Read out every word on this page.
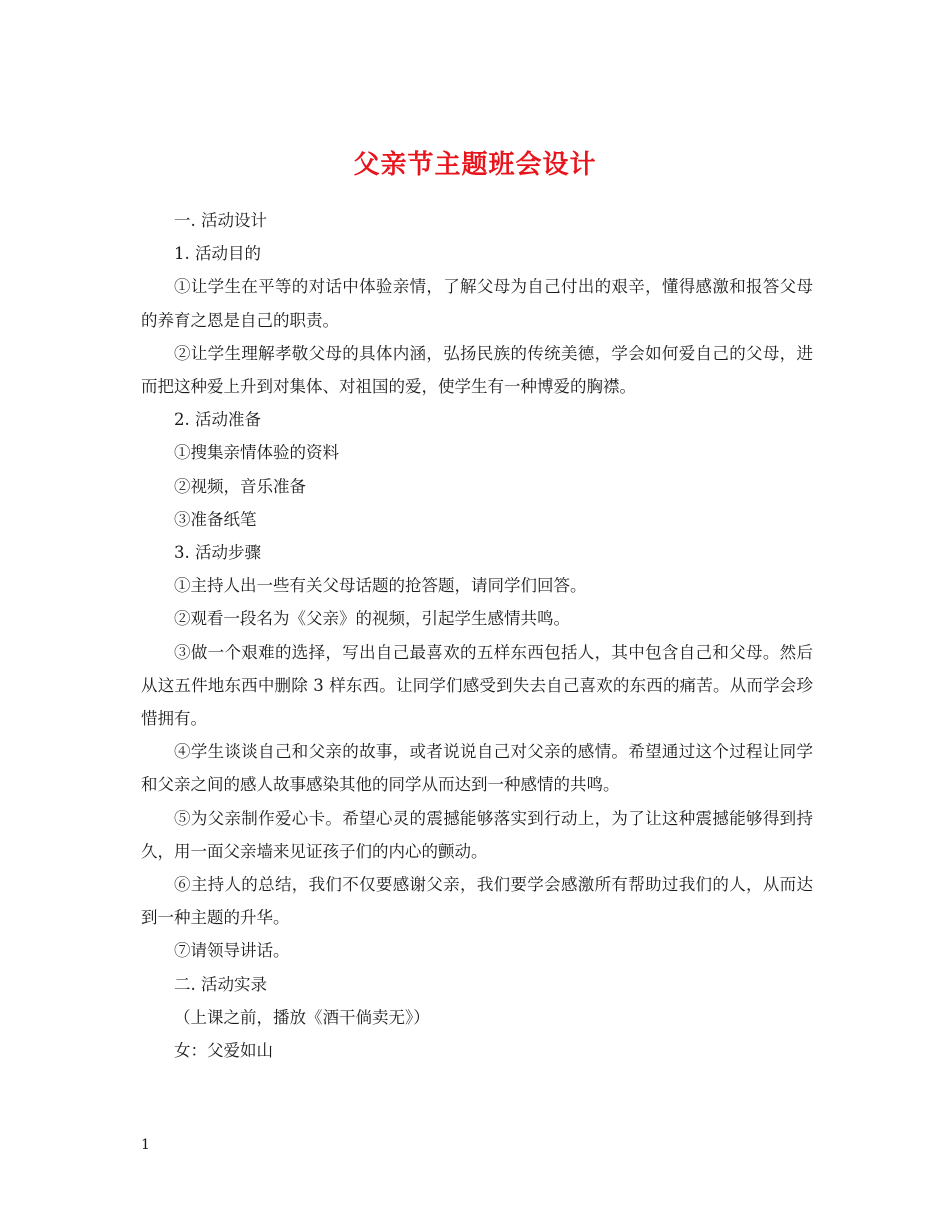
父亲节主题班会设计

一. 活动设计

1. 活动目的

①让学生在平等的对话中体验亲情，了解父母为自己付出的艰辛，懂得感激和报答父母的养育之恩是自己的职责。

②让学生理解孝敬父母的具体内涵，弘扬民族的传统美德，学会如何爱自己的父母，进而把这种爱上升到对集体、对祖国的爱，使学生有一种博爱的胸襟。

2. 活动准备

①搜集亲情体验的资料

②视频，音乐准备

③准备纸笔

3. 活动步骤

①主持人出一些有关父母话题的抢答题，请同学们回答。

②观看一段名为《父亲》的视频，引起学生感情共鸣。

③做一个艰难的选择，写出自己最喜欢的五样东西包括人，其中包含自己和父母。然后从这五件地东西中删除 3 样东西。让同学们感受到失去自己喜欢的东西的痛苦。从而学会珍惜拥有。

④学生谈谈自己和父亲的故事，或者说说自己对父亲的感情。希望通过这个过程让同学和父亲之间的感人故事感染其他的同学从而达到一种感情的共鸣。

⑤为父亲制作爱心卡。希望心灵的震撼能够落实到行动上，为了让这种震撼能够得到持久，用一面父亲墙来见证孩子们的内心的颤动。

⑥主持人的总结，我们不仅要感谢父亲，我们要学会感激所有帮助过我们的人，从而达到一种主题的升华。

⑦请领导讲话。

二. 活动实录

（上课之前，播放《酒干倘卖无》）

女：父爱如山

1
